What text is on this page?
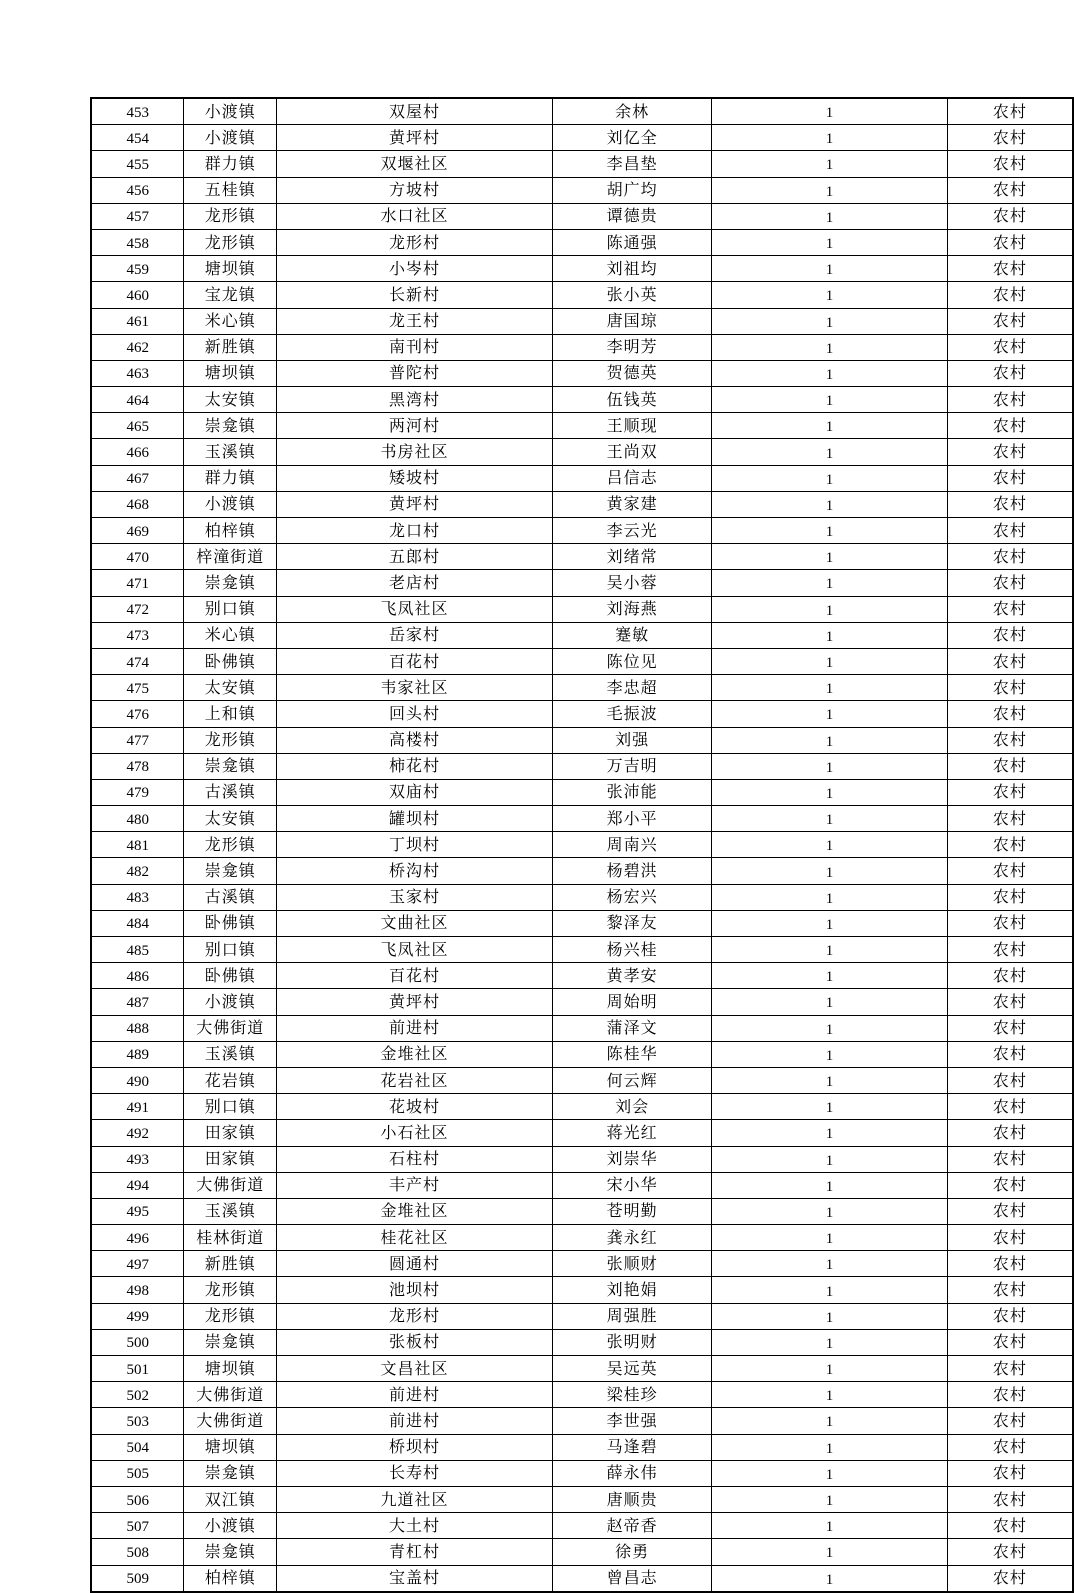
453	小渡镇	双屋村	余林	1	农村
454	小渡镇	黄坪村	刘亿全	1	农村
455	群力镇	双堰社区	李昌垫	1	农村
456	五桂镇	方坡村	胡广均	1	农村
457	龙形镇	水口社区	谭德贵	1	农村
458	龙形镇	龙形村	陈通强	1	农村
459	塘坝镇	小岑村	刘祖均	1	农村
460	宝龙镇	长新村	张小英	1	农村
461	米心镇	龙王村	唐国琼	1	农村
462	新胜镇	南刊村	李明芳	1	农村
463	塘坝镇	普陀村	贺德英	1	农村
464	太安镇	黑湾村	伍钱英	1	农村
465	崇龛镇	两河村	王顺现	1	农村
466	玉溪镇	书房社区	王尚双	1	农村
467	群力镇	矮坡村	吕信志	1	农村
468	小渡镇	黄坪村	黄家建	1	农村
469	柏梓镇	龙口村	李云光	1	农村
470	梓潼街道	五郎村	刘绪常	1	农村
471	崇龛镇	老店村	吴小蓉	1	农村
472	别口镇	飞凤社区	刘海燕	1	农村
473	米心镇	岳家村	蹇敏	1	农村
474	卧佛镇	百花村	陈位见	1	农村
475	太安镇	韦家社区	李忠超	1	农村
476	上和镇	回头村	毛振波	1	农村
477	龙形镇	高楼村	刘强	1	农村
478	崇龛镇	柿花村	万吉明	1	农村
479	古溪镇	双庙村	张沛能	1	农村
480	太安镇	罐坝村	郑小平	1	农村
481	龙形镇	丁坝村	周南兴	1	农村
482	崇龛镇	桥沟村	杨碧洪	1	农村
483	古溪镇	玉家村	杨宏兴	1	农村
484	卧佛镇	文曲社区	黎泽友	1	农村
485	别口镇	飞凤社区	杨兴桂	1	农村
486	卧佛镇	百花村	黄孝安	1	农村
487	小渡镇	黄坪村	周始明	1	农村
488	大佛街道	前进村	蒲泽文	1	农村
489	玉溪镇	金堆社区	陈桂华	1	农村
490	花岩镇	花岩社区	何云辉	1	农村
491	别口镇	花坡村	刘会	1	农村
492	田家镇	小石社区	蒋光红	1	农村
493	田家镇	石柱村	刘崇华	1	农村
494	大佛街道	丰产村	宋小华	1	农村
495	玉溪镇	金堆社区	苍明勤	1	农村
496	桂林街道	桂花社区	龚永红	1	农村
497	新胜镇	圆通村	张顺财	1	农村
498	龙形镇	池坝村	刘艳娟	1	农村
499	龙形镇	龙形村	周强胜	1	农村
500	崇龛镇	张板村	张明财	1	农村
501	塘坝镇	文昌社区	吴远英	1	农村
502	大佛街道	前进村	梁桂珍	1	农村
503	大佛街道	前进村	李世强	1	农村
504	塘坝镇	桥坝村	马逢碧	1	农村
505	崇龛镇	长寿村	薛永伟	1	农村
506	双江镇	九道社区	唐顺贵	1	农村
507	小渡镇	大土村	赵帝香	1	农村
508	崇龛镇	青杠村	徐勇	1	农村
509	柏梓镇	宝盖村	曾昌志	1	农村
